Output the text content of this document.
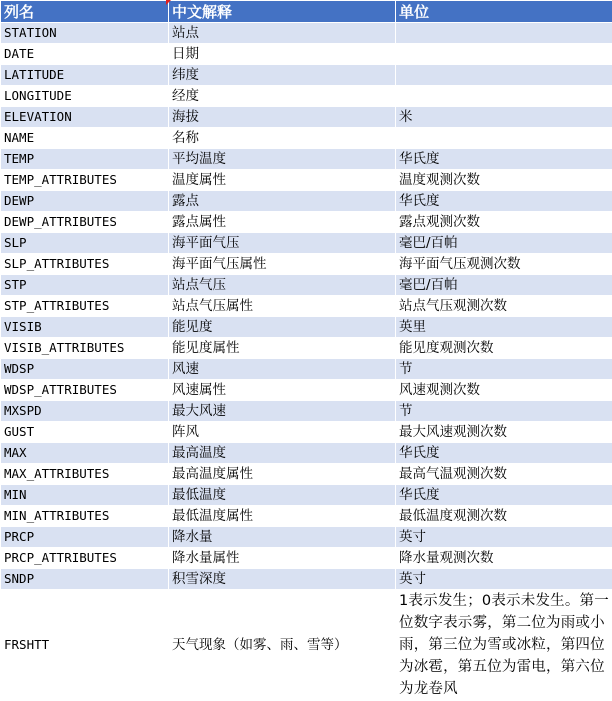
列名	中文解释	单位
STATION	站点	
DATE	日期	
LATITUDE	纬度	
LONGITUDE	经度	
ELEVATION	海拔	米
NAME	名称	
TEMP	平均温度	华氏度
TEMP_ATTRIBUTES	温度属性	温度观测次数
DEWP	露点	华氏度
DEWP_ATTRIBUTES	露点属性	露点观测次数
SLP	海平面气压	毫巴/百帕
SLP_ATTRIBUTES	海平面气压属性	海平面气压观测次数
STP	站点气压	毫巴/百帕
STP_ATTRIBUTES	站点气压属性	站点气压观测次数
VISIB	能见度	英里
VISIB_ATTRIBUTES	能见度属性	能见度观测次数
WDSP	风速	节
WDSP_ATTRIBUTES	风速属性	风速观测次数
MXSPD	最大风速	节
GUST	阵风	最大风速观测次数
MAX	最高温度	华氏度
MAX_ATTRIBUTES	最高温度属性	最高气温观测次数
MIN	最低温度	华氏度
MIN_ATTRIBUTES	最低温度属性	最低温度观测次数
PRCP	降水量	英寸
PRCP_ATTRIBUTES	降水量属性	降水量观测次数
SNDP	积雪深度	英寸
FRSHTT	天气现象（如雾、雨、雪等）	1表示发生；0表示未发生。第一位数字表示雾，第二位为雨或小雨，第三位为雪或冰粒，第四位为冰雹，第五位为雷电，第六位为龙卷风
